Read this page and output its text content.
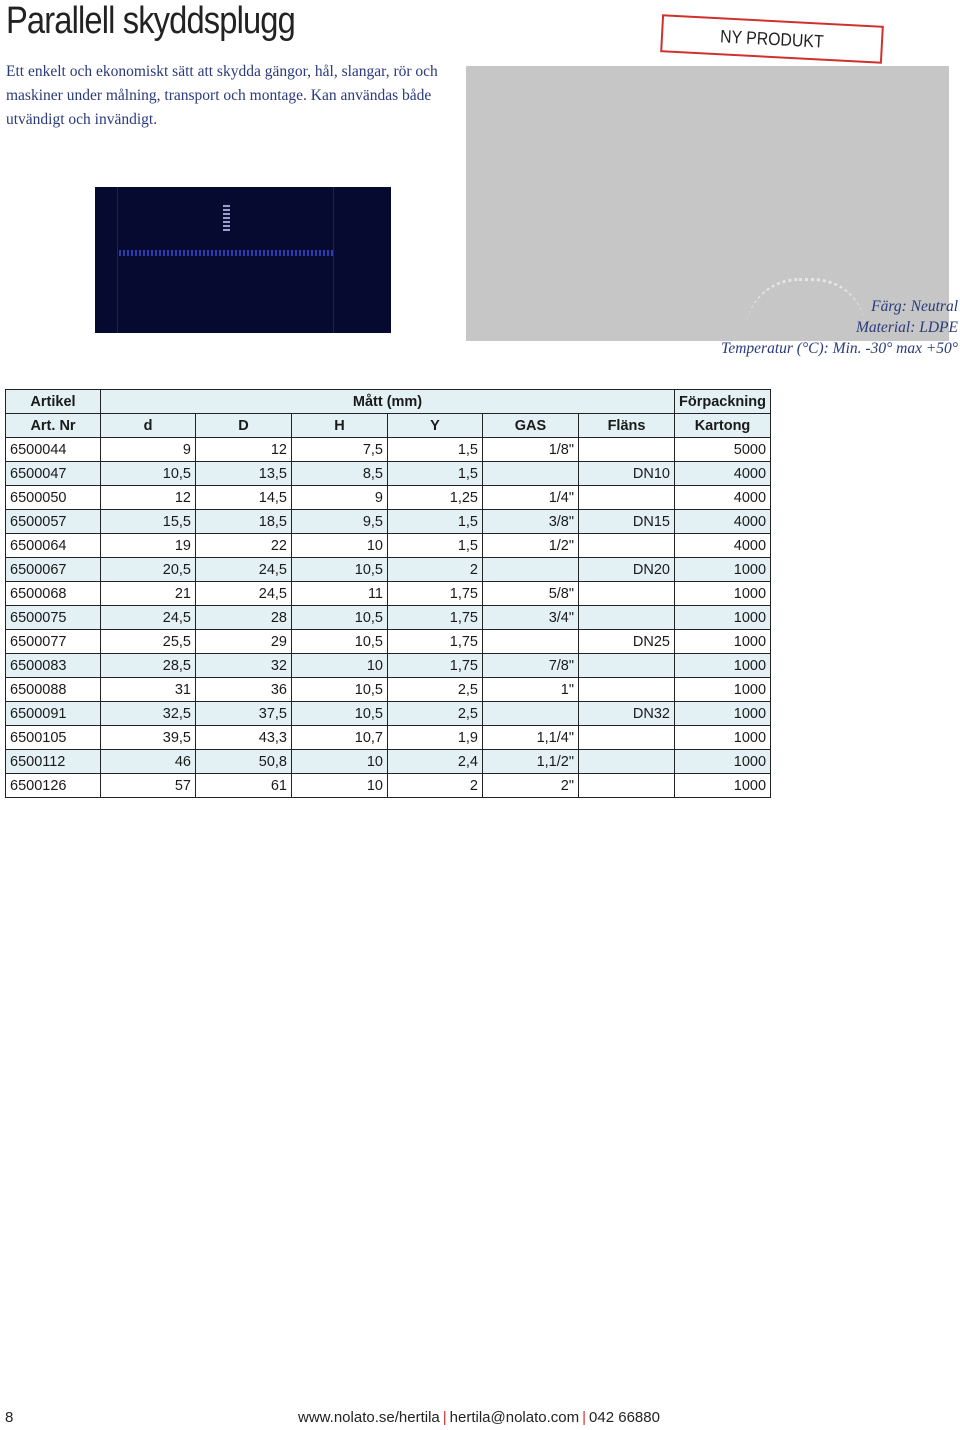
Parallell skyddsplugg
Ett enkelt och ekonomiskt sätt att skydda gängor, hål, slangar, rör och maskiner under målning, transport och montage. Kan användas både utvändigt och invändigt.
NY PRODUKT
Färg: Neutral
Material: LDPE
Temperatur (°C): Min. -30° max +50°
Artikel	Mått (mm)						Förpackning
Art. Nr	d	D	H	Y	GAS	Fläns	Kartong
6500044	9	12	7,5	1,5	1/8"		5000
6500047	10,5	13,5	8,5	1,5		DN10	4000
6500050	12	14,5	9	1,25	1/4"		4000
6500057	15,5	18,5	9,5	1,5	3/8"	DN15	4000
6500064	19	22	10	1,5	1/2"		4000
6500067	20,5	24,5	10,5	2		DN20	1000
6500068	21	24,5	11	1,75	5/8"		1000
6500075	24,5	28	10,5	1,75	3/4"		1000
6500077	25,5	29	10,5	1,75		DN25	1000
6500083	28,5	32	10	1,75	7/8"		1000
6500088	31	36	10,5	2,5	1"		1000
6500091	32,5	37,5	10,5	2,5		DN32	1000
6500105	39,5	43,3	10,7	1,9	1,1/4"		1000
6500112	46	50,8	10	2,4	1,1/2"		1000
6500126	57	61	10	2	2"		1000
8	www.nolato.se/hertila | hertila@nolato.com | 042 66880
